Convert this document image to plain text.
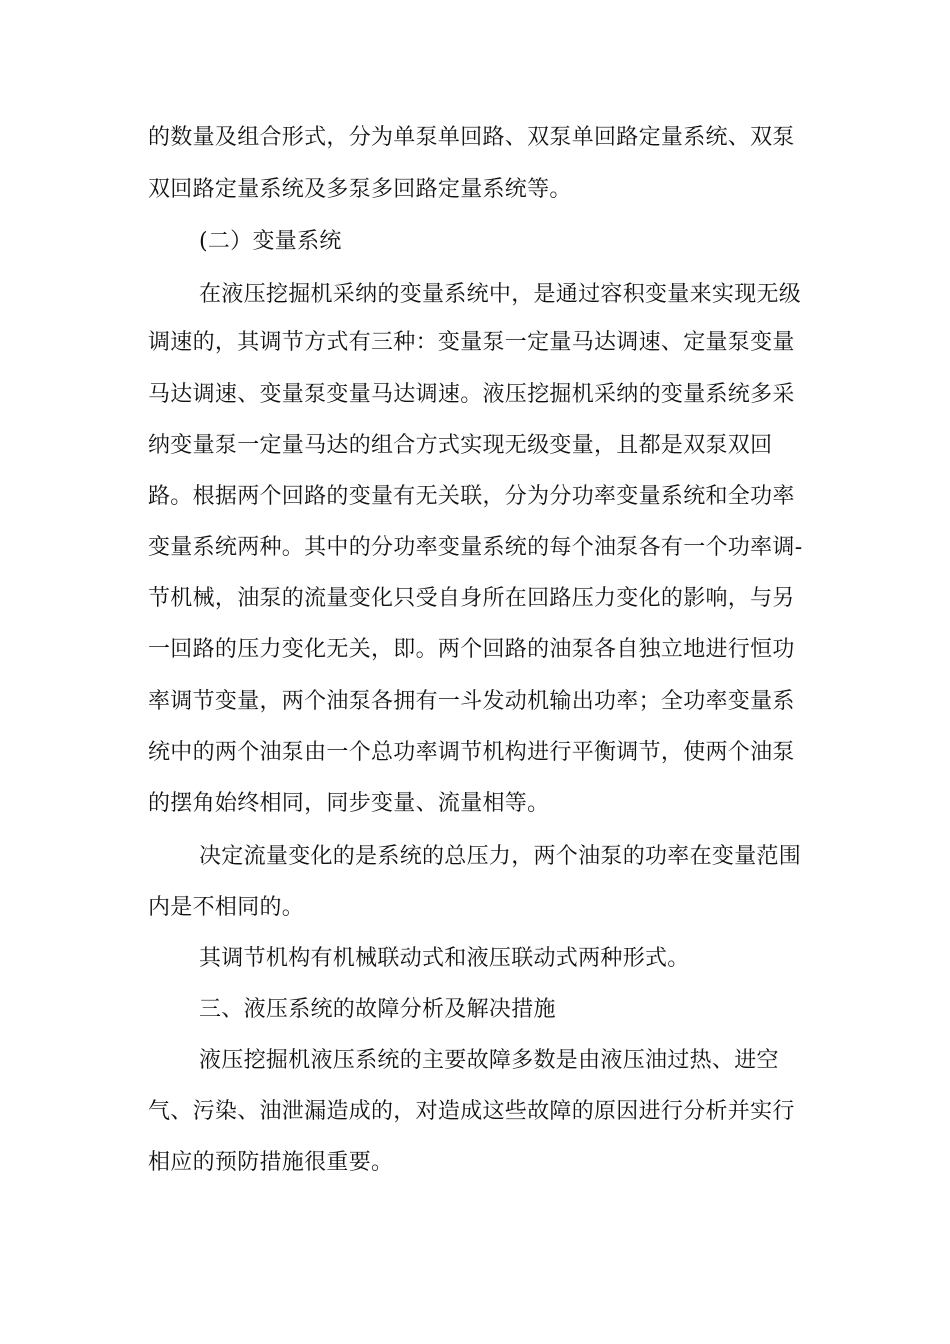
的数量及组合形式，分为单泵单回路、双泵单回路定量系统、双泵
双回路定量系统及多泵多回路定量系统等。
(二）变量系统
在液压挖掘机采纳的变量系统中，是通过容积变量来实现无级
调速的，其调节方式有三种：变量泵一定量马达调速、定量泵变量
马达调速、变量泵变量马达调速。液压挖掘机采纳的变量系统多采
纳变量泵一定量马达的组合方式实现无级变量，且都是双泵双回
路。根据两个回路的变量有无关联，分为分功率变量系统和全功率
变量系统两种。其中的分功率变量系统的每个油泵各有一个功率调-
节机械，油泵的流量变化只受自身所在回路压力变化的影响，与另
一回路的压力变化无关，即。两个回路的油泵各自独立地进行恒功
率调节变量，两个油泵各拥有一斗发动机输出功率；全功率变量系
统中的两个油泵由一个总功率调节机构进行平衡调节，使两个油泵
的摆角始终相同，同步变量、流量相等。
决定流量变化的是系统的总压力，两个油泵的功率在变量范围
内是不相同的。
其调节机构有机械联动式和液压联动式两种形式。
三、液压系统的故障分析及解决措施
液压挖掘机液压系统的主要故障多数是由液压油过热、进空
气、污染、油泄漏造成的，对造成这些故障的原因进行分析并实行
相应的预防措施很重要。
